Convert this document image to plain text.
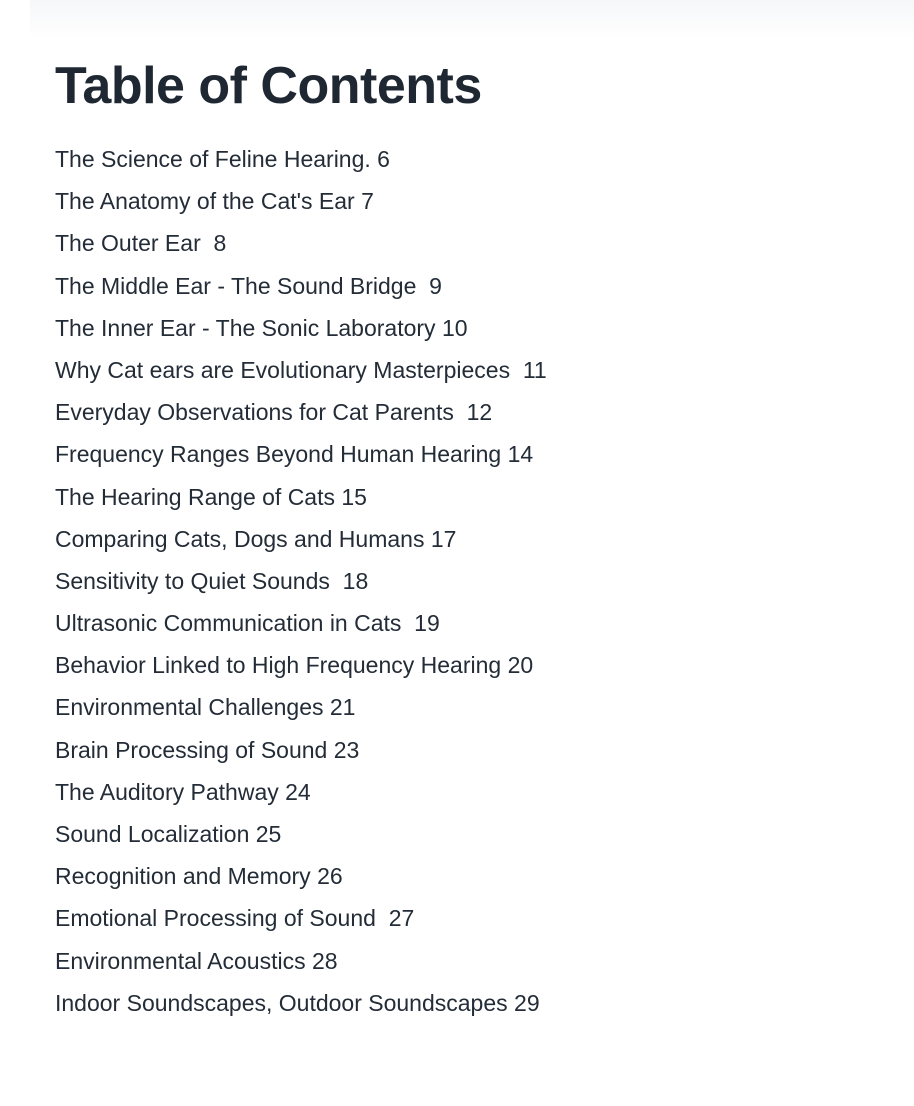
Table of Contents
The Science of Feline Hearing. 6
The Anatomy of the Cat's Ear 7
The Outer Ear  8
The Middle Ear - The Sound Bridge  9
The Inner Ear - The Sonic Laboratory 10
Why Cat ears are Evolutionary Masterpieces  11
Everyday Observations for Cat Parents  12
Frequency Ranges Beyond Human Hearing 14
The Hearing Range of Cats 15
Comparing Cats, Dogs and Humans 17
Sensitivity to Quiet Sounds  18
Ultrasonic Communication in Cats  19
Behavior Linked to High Frequency Hearing 20
Environmental Challenges 21
Brain Processing of Sound 23
The Auditory Pathway 24
Sound Localization 25
Recognition and Memory 26
Emotional Processing of Sound  27
Environmental Acoustics 28
Indoor Soundscapes, Outdoor Soundscapes 29
